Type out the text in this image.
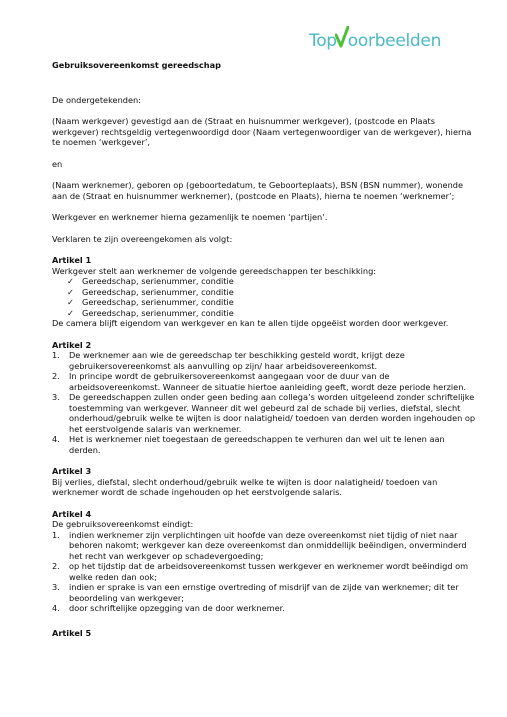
Top oorbeelden

Gebruiksovereenkomst gereedschap

De ondergetekenden:

(Naam werkgever) gevestigd aan de (Straat en huisnummer werkgever), (postcode en Plaats werkgever) rechtsgeldig vertegenwoordigd door (Naam vertegenwoordiger van de werkgever), hierna te noemen ‘werkgever’,

en

(Naam werknemer), geboren op (geboortedatum, te Geboorteplaats), BSN (BSN nummer), wonende aan de (Straat en huisnummer werknemer), (postcode en Plaats), hierna te noemen ‘werknemer’;

Werkgever en werknemer hierna gezamenlijk te noemen ‘partijen’.

Verklaren te zijn overeengekomen als volgt:

Artikel 1

Werkgever stelt aan werknemer de volgende gereedschappen ter beschikking:

✓ Gereedschap, serienummer, conditie
✓ Gereedschap, serienummer, conditie
✓ Gereedschap, serienummer, conditie
✓ Gereedschap, serienummer, conditie

De camera blijft eigendom van werkgever en kan te allen tijde opgeëist worden door werkgever.

Artikel 2

1. De werknemer aan wie de gereedschap ter beschikking gesteld wordt, krijgt deze gebruikersovereenkomst als aanvulling op zijn/ haar arbeidsovereenkomst.
2. In principe wordt de gebruikersovereenkomst aangegaan voor de duur van de arbeidsovereenkomst. Wanneer de situatie hiertoe aanleiding geeft, wordt deze periode herzien.
3. De gereedschappen zullen onder geen beding aan collega’s worden uitgeleend zonder schriftelijke toestemming van werkgever. Wanneer dit wel gebeurd zal de schade bij verlies, diefstal, slecht onderhoud/gebruik welke te wijten is door nalatigheid/ toedoen van derden worden ingehouden op het eerstvolgende salaris van werknemer.
4. Het is werknemer niet toegestaan de gereedschappen te verhuren dan wel uit te lenen aan derden.

Artikel 3

Bij verlies, diefstal, slecht onderhoud/gebruik welke te wijten is door nalatigheid/ toedoen van werknemer wordt de schade ingehouden op het eerstvolgende salaris.

Artikel 4

De gebruiksovereenkomst eindigt:

1. indien werknemer zijn verplichtingen uit hoofde van deze overeenkomst niet tijdig of niet naar behoren nakomt; werkgever kan deze overeenkomst dan onmiddellijk beëindigen, onverminderd het recht van werkgever op schadevergoeding;
2. op het tijdstip dat de arbeidsovereenkomst tussen werkgever en werknemer wordt beëindigd om welke reden dan ook;
3. indien er sprake is van een ernstige overtreding of misdrijf van de zijde van werknemer; dit ter beoordeling van werkgever;
4. door schriftelijke opzegging van de door werknemer.

Artikel 5
